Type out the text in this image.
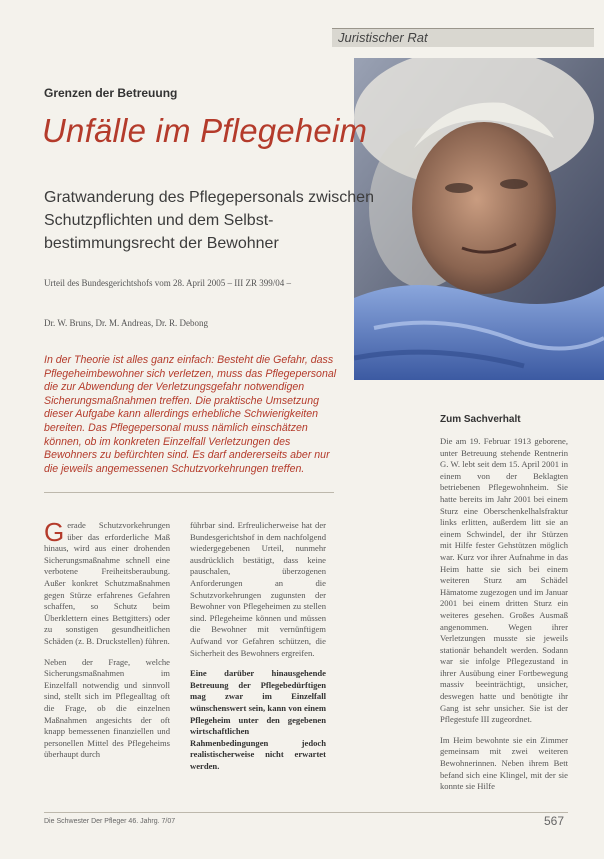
Juristischer Rat
Grenzen der Betreuung
Unfälle im Pflegeheim
Gratwanderung des Pflegepersonals zwischen Schutzpflichten und dem Selbst-bestimmungsrecht der Bewohner
Urteil des Bundesgerichtshofs vom 28. April 2005 – III ZR 399/04 –
Dr. W. Bruns, Dr. M. Andreas, Dr. R. Debong
In der Theorie ist alles ganz einfach: Besteht die Gefahr, dass Pflegeheimbewohner sich verletzen, muss das Pflegepersonal die zur Abwendung der Verletzungsgefahr notwendigen Sicherungsmaßnahmen treffen. Die praktische Umsetzung dieser Aufgabe kann allerdings erhebliche Schwierigkeiten bereiten. Das Pflegepersonal muss nämlich einschätzen können, ob im konkreten Einzelfall Verletzungen des Bewohners zu befürchten sind. Es darf andererseits aber nur die jeweils angemessenen Schutzvorkehrungen treffen.

Gerade Schutzvorkehrungen über das erforderliche Maß hinaus, wird aus einer drohenden Sicherungsmaßnahme schnell eine verbotene Freiheitsberaubung. Außer konkret Schutzmaßnahmen gegen Stürze erfahrenes Gefahren schaffen, so Schutz beim Überklettern eines Bettgitters) oder zu sonstigen gesundheitlichen Schäden (z. B. Druckstellen) führen.

Neben der Frage, welche Sicherungsmaßnahmen im Einzelfall notwendig und sinnvoll sind, stellt sich im Pflegealltag oft die Frage, ob die einzelnen Maßnahmen angesichts der oft knapp bemessenen finanziellen und personellen Mittel des Pflegeheims überhaupt durch

führbar sind. Erfreulicherweise hat der Bundesgerichtshof in dem nachfolgend wiedergegebenen Urteil, nunmehr ausdrücklich bestätigt, dass keine pauschalen, überzogenen Anforderungen an die Schutzvorkehrungen zugunsten der Bewohner von Pflegeheimen zu stellen sind. Pflegeheime können und müssen die Bewohner mit vernünftigem Aufwand vor Gefahren schützen, die Sicherheit des Bewohners ergreifen.

Eine darüber hinausgehende Betreuung der Pflegebedürftigen mag zwar im Einzelfall wünschenswert sein, kann von einem Pflegeheim unter den gegebenen wirtschaftlichen Rahmenbedingungen jedoch realistischerweise nicht erwartet werden.

Zum Sachverhalt

Die am 19. Februar 1913 geborene, unter Betreuung stehende Rentnerin G. W. lebt seit dem 15. April 2001 in einem von der Beklagten betriebenen Pflegewohnheim. Sie hatte bereits im Jahr 2001 bei einem Sturz eine Oberschenkelhalsfraktur links erlitten, außerdem litt sie an einem Schwindel, der ihr Stürzen mit Hilfe fester Gehstützen möglich war. Kurz vor ihrer Aufnahme in das Heim hatte sie sich bei einem weiteren Sturz am Schädel Hämatome zugezogen und im Januar 2001 bei einem dritten Sturz ein weiteres gesehen. Großes Ausmaß angenommen. Wegen ihrer Verletzungen musste sie jeweils stationär behandelt werden. Sodann war sie infolge Pflegezustand in ihrer Ausübung einer Fortbewegung massiv beeinträchtigt, unsicher, deswegen hatte und benötigte ihr Gang ist sehr unsicher. Sie ist der Pflegestufe III zugeordnet.

Im Heim bewohnte sie ein Zimmer gemeinsam mit zwei weiteren Bewohnerinnen. Neben ihrem Bett befand sich eine Klingel, mit der sie konnte sie Hilfe

Die Schwester Der Pfleger 46. Jahrg. 7/07	567
